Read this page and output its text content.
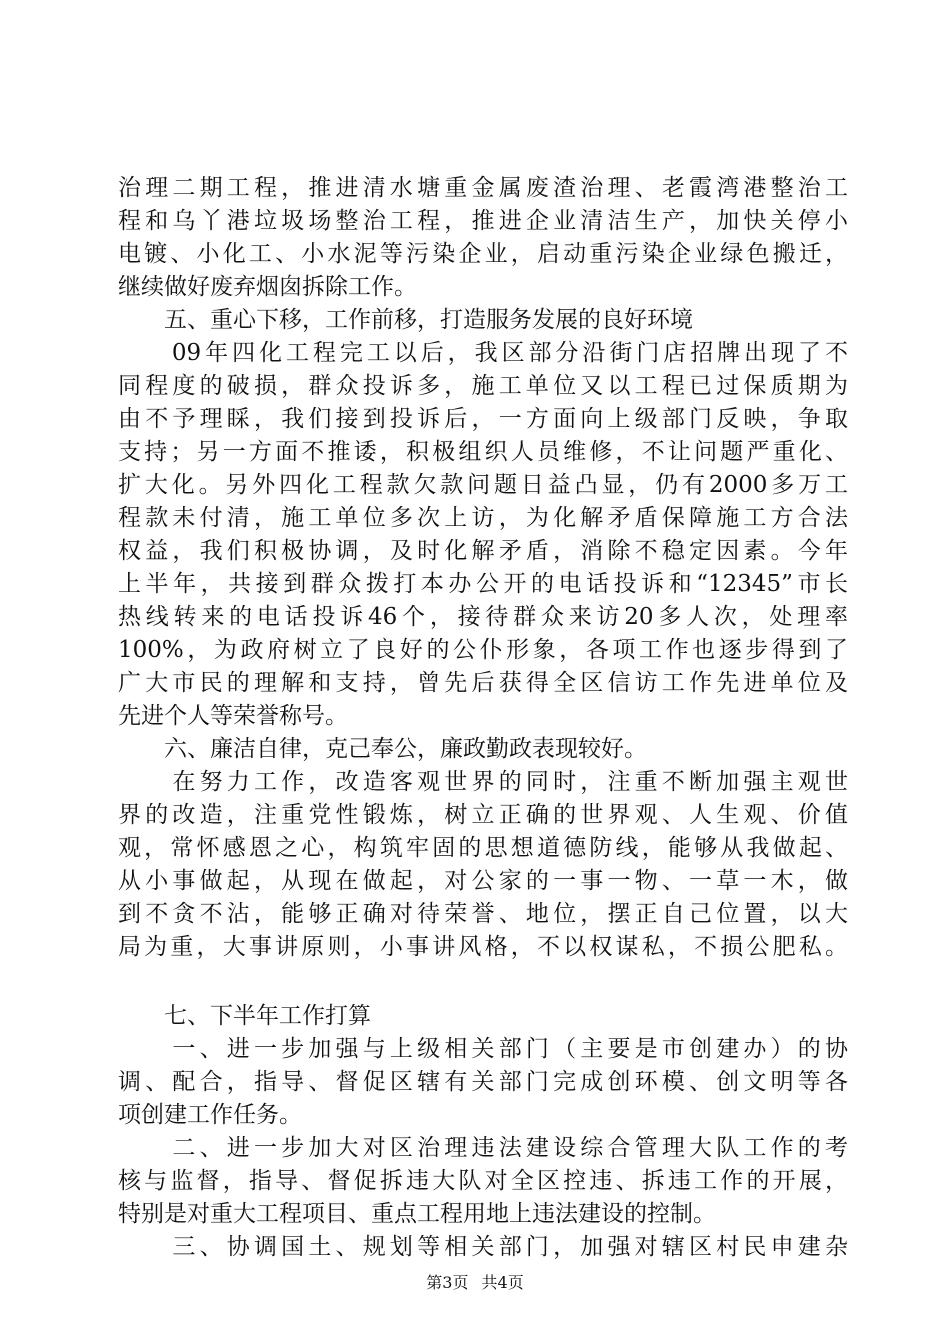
治理二期工程，推进清水塘重金属废渣治理、老霞湾港整治工
程和乌丫港垃圾场整治工程，推进企业清洁生产，加快关停小
电镀、小化工、小水泥等污染企业，启动重污染企业绿色搬迁，
继续做好废弃烟囱拆除工作。
　　五、重心下移，工作前移，打造服务发展的良好环境
　　09年四化工程完工以后，我区部分沿街门店招牌出现了不
同程度的破损，群众投诉多，施工单位又以工程已过保质期为
由不予理睬，我们接到投诉后，一方面向上级部门反映，争取
支持；另一方面不推诿，积极组织人员维修，不让问题严重化、
扩大化。另外四化工程款欠款问题日益凸显，仍有2000多万工
程款未付清，施工单位多次上访，为化解矛盾保障施工方合法
权益，我们积极协调，及时化解矛盾，消除不稳定因素。今年
上半年，共接到群众拨打本办公开的电话投诉和“12345”市长
热线转来的电话投诉46个，接待群众来访20多人次，处理率
100%，为政府树立了良好的公仆形象，各项工作也逐步得到了
广大市民的理解和支持，曾先后获得全区信访工作先进单位及
先进个人等荣誉称号。
　　六、廉洁自律，克己奉公，廉政勤政表现较好。
　　在努力工作，改造客观世界的同时，注重不断加强主观世
界的改造，注重党性锻炼，树立正确的世界观、人生观、价值
观，常怀感恩之心，构筑牢固的思想道德防线，能够从我做起、
从小事做起，从现在做起，对公家的一事一物、一草一木，做
到不贪不沾，能够正确对待荣誉、地位，摆正自己位置，以大
局为重，大事讲原则，小事讲风格，不以权谋私，不损公肥私。
　　七、下半年工作打算
　　一、进一步加强与上级相关部门（主要是市创建办）的协
调、配合，指导、督促区辖有关部门完成创环模、创文明等各
项创建工作任务。
　　二、进一步加大对区治理违法建设综合管理大队工作的考
核与监督，指导、督促拆违大队对全区控违、拆违工作的开展，
特别是对重大工程项目、重点工程用地上违法建设的控制。
　　三、协调国土、规划等相关部门，加强对辖区村民申建杂
第3页 共4页
